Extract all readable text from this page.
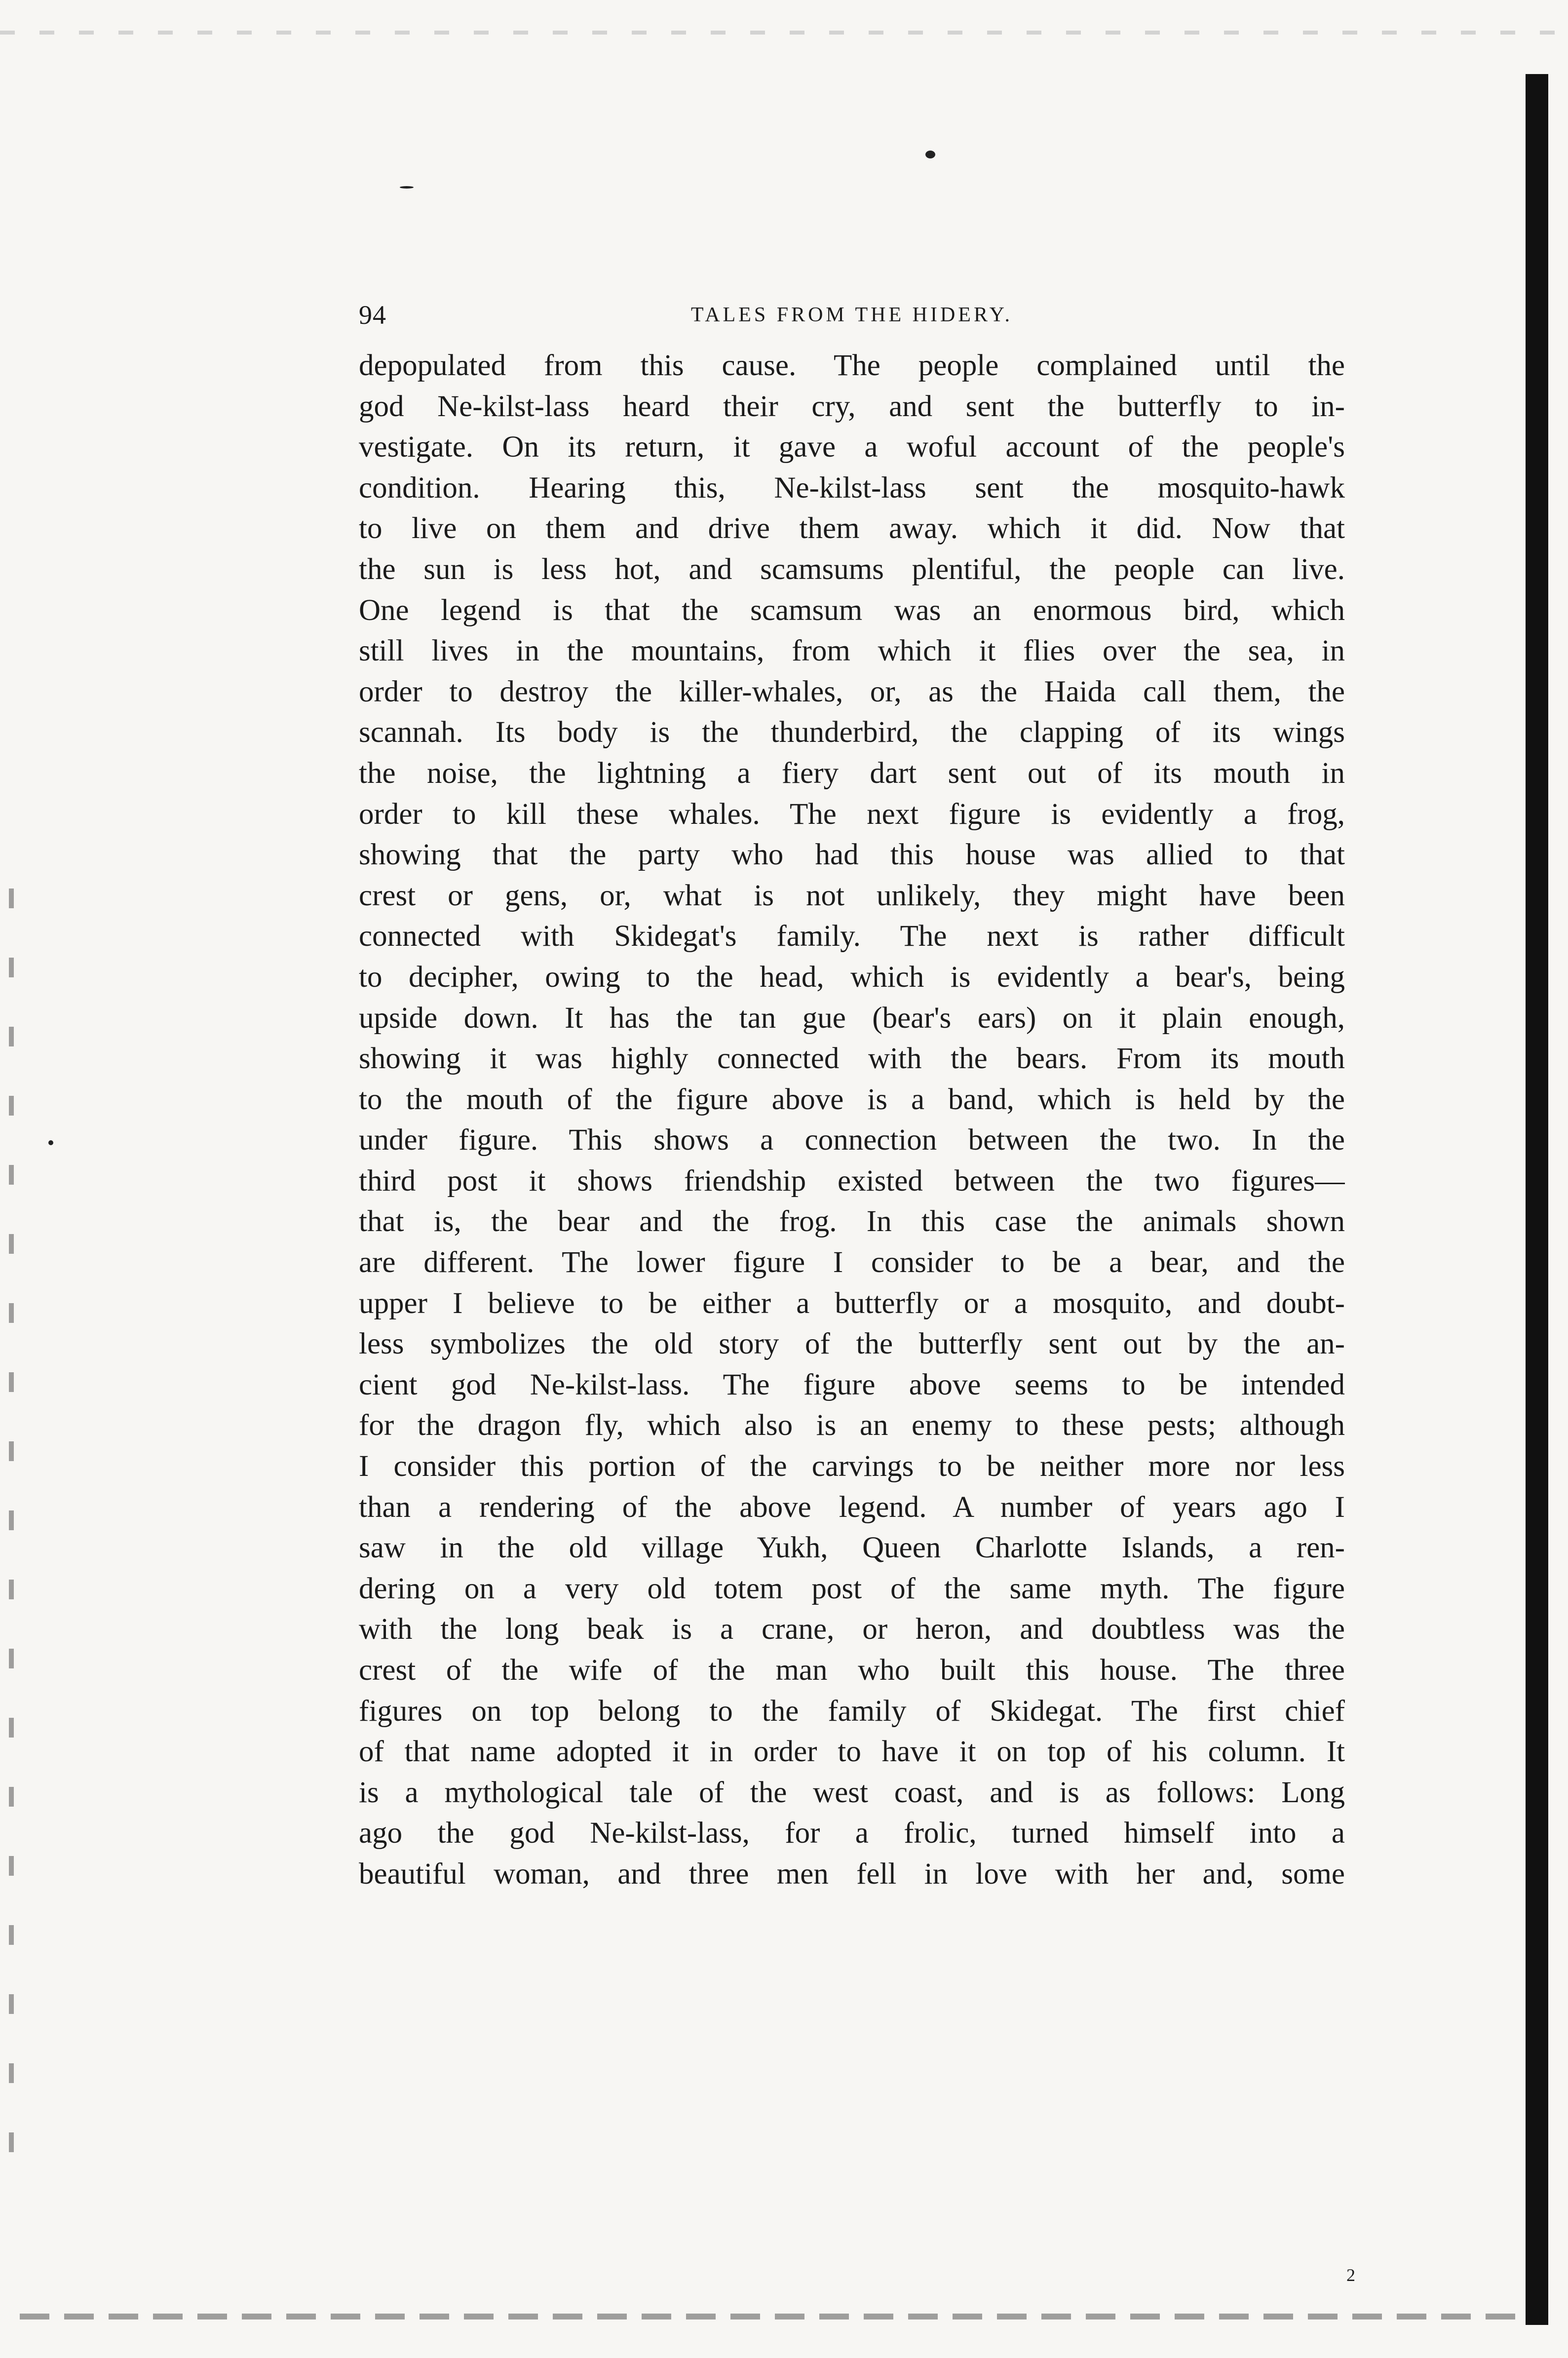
94	TALES FROM THE HIDERY.
depopulated from this cause. The people complained until the
god Ne-kilst-lass heard their cry, and sent the butterfly to in-
vestigate. On its return, it gave a woful account of the people's
condition. Hearing this, Ne-kilst-lass sent the mosquito-hawk
to live on them and drive them away. which it did. Now that
the sun is less hot, and scamsums plentiful, the people can live.
One legend is that the scamsum was an enormous bird, which
still lives in the mountains, from which it flies over the sea, in
order to destroy the killer-whales, or, as the Haida call them, the
scannah. Its body is the thunderbird, the clapping of its wings
the noise, the lightning a fiery dart sent out of its mouth in
order to kill these whales. The next figure is evidently a frog,
showing that the party who had this house was allied to that
crest or gens, or, what is not unlikely, they might have been
connected with Skidegat's family. The next is rather difficult
to decipher, owing to the head, which is evidently a bear's, being
upside down. It has the tan gue (bear's ears) on it plain enough,
showing it was highly connected with the bears. From its mouth
to the mouth of the figure above is a band, which is held by the
under figure. This shows a connection between the two. In the
third post it shows friendship existed between the two figures—
that is, the bear and the frog. In this case the animals shown
are different. The lower figure I consider to be a bear, and the
upper I believe to be either a butterfly or a mosquito, and doubt-
less symbolizes the old story of the butterfly sent out by the an-
cient god Ne-kilst-lass. The figure above seems to be intended
for the dragon fly, which also is an enemy to these pests; although
I consider this portion of the carvings to be neither more nor less
than a rendering of the above legend. A number of years ago I
saw in the old village Yukh, Queen Charlotte Islands, a ren-
dering on a very old totem post of the same myth. The figure
with the long beak is a crane, or heron, and doubtless was the
crest of the wife of the man who built this house. The three
figures on top belong to the family of Skidegat. The first chief
of that name adopted it in order to have it on top of his column. It
is a mythological tale of the west coast, and is as follows: Long
ago the god Ne-kilst-lass, for a frolic, turned himself into a
beautiful woman, and three men fell in love with her and, some
2
